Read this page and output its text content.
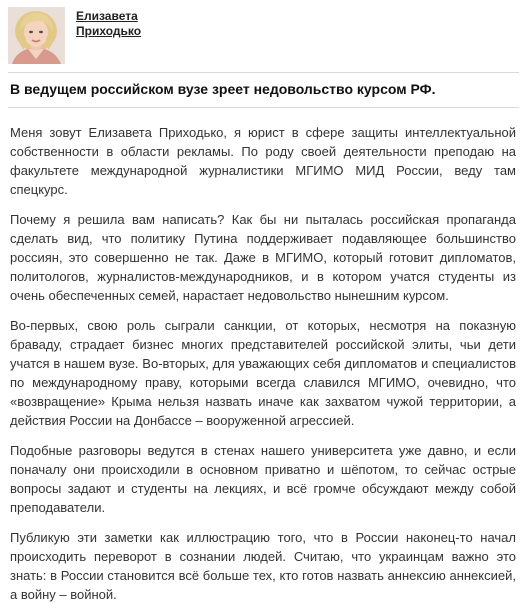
Елизавета
Приходько
В ведущем российском вузе зреет недовольство курсом РФ.

Меня зовут Елизавета Приходько, я юрист в сфере защиты интеллектуальной собственности в области рекламы. По роду своей деятельности преподаю на факультете международной журналистики МГИМО МИД России, веду там спецкурс.

Почему я решила вам написать? Как бы ни пыталась российская пропаганда сделать вид, что политику Путина поддерживает подавляющее большинство россиян, это совершенно не так. Даже в МГИМО, который готовит дипломатов, политологов, журналистов-международников, и в котором учатся студенты из очень обеспеченных семей, нарастает недовольство нынешним курсом.

Во-первых, свою роль сыграли санкции, от которых, несмотря на показную браваду, страдает бизнес многих представителей российской элиты, чьи дети учатся в нашем вузе. Во-вторых, для уважающих себя дипломатов и специалистов по международному праву, которыми всегда славился МГИМО, очевидно, что «возвращение» Крыма нельзя назвать иначе как захватом чужой территории, а действия России на Донбассе – вооруженной агрессией.

Подобные разговоры ведутся в стенах нашего университета уже давно, и если поначалу они происходили в основном приватно и шёпотом, то сейчас острые вопросы задают и студенты на лекциях, и всё громче обсуждают между собой преподаватели.

Публикую эти заметки как иллюстрацию того, что в России наконец-то начал происходить переворот в сознании людей. Считаю, что украинцам важно это знать: в России становится всё больше тех, кто готов назвать аннексию аннексией, а войну – войной.
